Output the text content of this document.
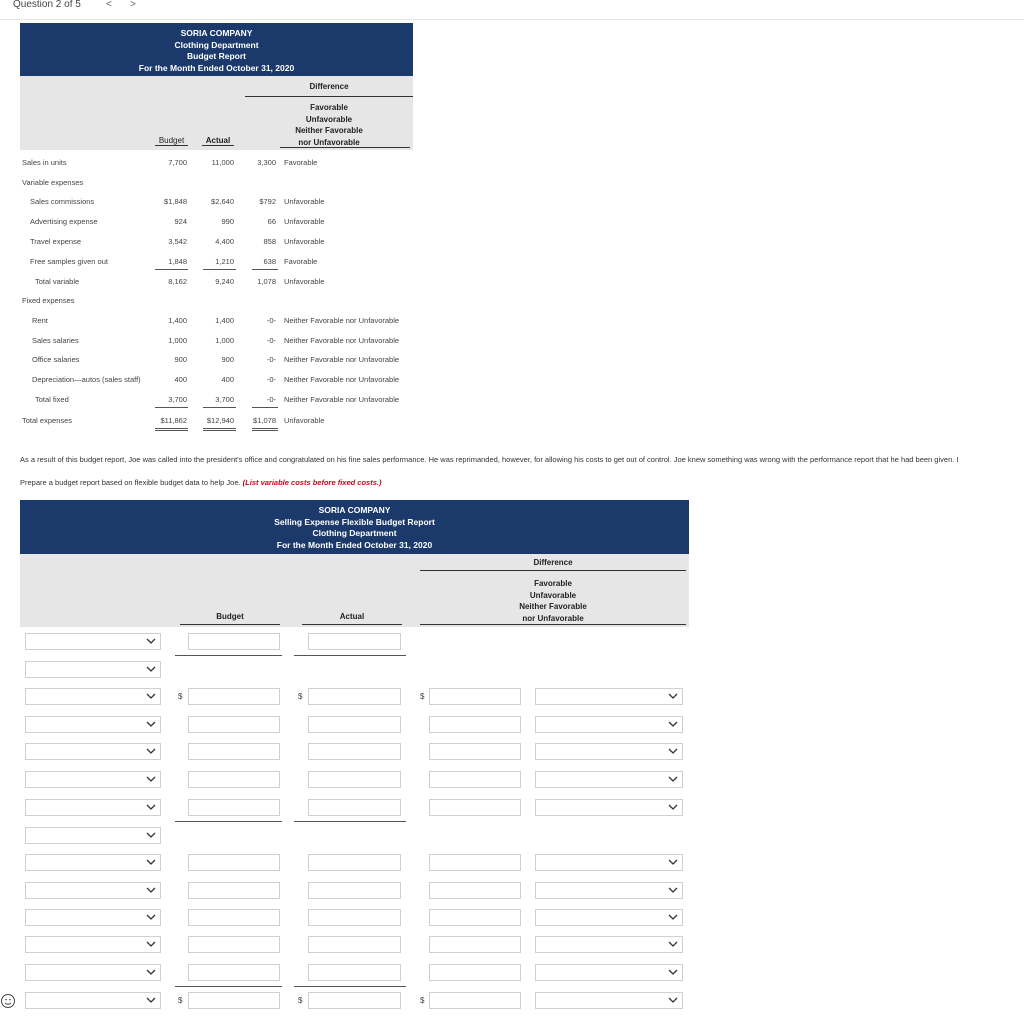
Question 2 of 5	< >
SORIA COMPANY
Clothing Department
Budget Report
For the Month Ended October 31, 2020
Difference
Favorable
Unfavorable
Neither Favorable
nor Unfavorable
Budget	Actual
Sales in units	7,700	11,000	3,300 Favorable
Variable expenses
Sales commissions	$1,848	$2,640	$792 Unfavorable
Advertising expense	924	990	66 Unfavorable
Travel expense	3,542	4,400	858 Unfavorable
Free samples given out	1,848	1,210	638 Favorable
Total variable	8,162	9,240	1,078 Unfavorable
Fixed expenses
Rent	1,400	1,400	-0- Neither Favorable nor Unfavorable
Sales salaries	1,000	1,000	-0- Neither Favorable nor Unfavorable
Office salaries	900	900	-0- Neither Favorable nor Unfavorable
Depreciation—autos (sales staff)	400	400	-0- Neither Favorable nor Unfavorable
Total fixed	3,700	3,700	-0- Neither Favorable nor Unfavorable
Total expenses	$11,862	$12,940	$1,078 Unfavorable
As a result of this budget report, Joe was called into the president's office and congratulated on his fine sales performance. He was reprimanded, however, for allowing his costs to get out of control. Joe knew something was wrong with the performance report that he had been given. I
Prepare a budget report based on flexible budget data to help Joe. (List variable costs before fixed costs.)
SORIA COMPANY
Selling Expense Flexible Budget Report
Clothing Department
For the Month Ended October 31, 2020
Difference
Favorable
Unfavorable
Neither Favorable
nor Unfavorable
Budget	Actual
$	$	$
$	$	$
